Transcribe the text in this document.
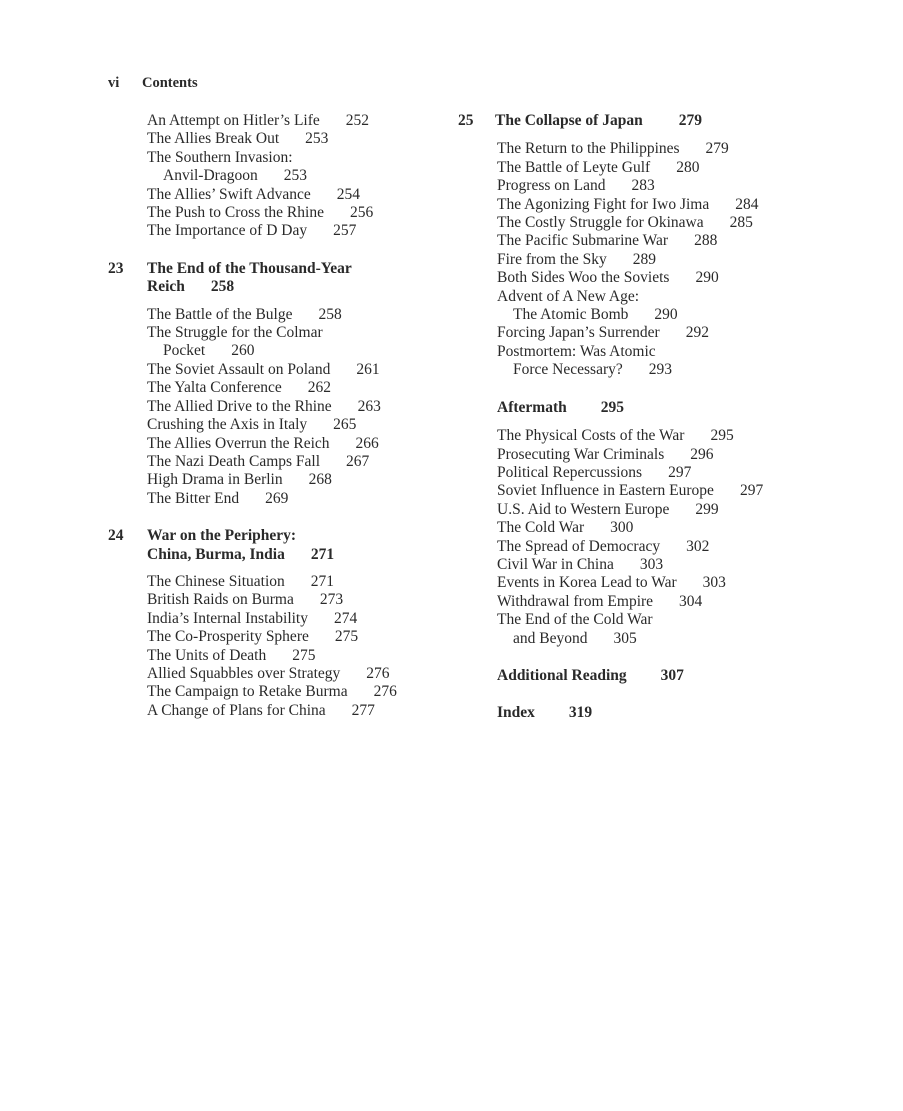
vi Contents
An Attempt on Hitler’s Life 252
The Allies Break Out 253
The Southern Invasion:
Anvil-Dragoon 253
The Allies’ Swift Advance 254
The Push to Cross the Rhine 256
The Importance of D Day 257
23 The End of the Thousand-Year
Reich 258
The Battle of the Bulge 258
The Struggle for the Colmar
Pocket 260
The Soviet Assault on Poland 261
The Yalta Conference 262
The Allied Drive to the Rhine 263
Crushing the Axis in Italy 265
The Allies Overrun the Reich 266
The Nazi Death Camps Fall 267
High Drama in Berlin 268
The Bitter End 269
24 War on the Periphery:
China, Burma, India 271
The Chinese Situation 271
British Raids on Burma 273
India’s Internal Instability 274
The Co-Prosperity Sphere 275
The Units of Death 275
Allied Squabbles over Strategy 276
The Campaign to Retake Burma 276
A Change of Plans for China 277
25 The Collapse of Japan 279
The Return to the Philippines 279
The Battle of Leyte Gulf 280
Progress on Land 283
The Agonizing Fight for Iwo Jima 284
The Costly Struggle for Okinawa 285
The Pacific Submarine War 288
Fire from the Sky 289
Both Sides Woo the Soviets 290
Advent of A New Age:
The Atomic Bomb 290
Forcing Japan’s Surrender 292
Postmortem: Was Atomic
Force Necessary? 293
Aftermath 295
The Physical Costs of the War 295
Prosecuting War Criminals 296
Political Repercussions 297
Soviet Influence in Eastern Europe 297
U.S. Aid to Western Europe 299
The Cold War 300
The Spread of Democracy 302
Civil War in China 303
Events in Korea Lead to War 303
Withdrawal from Empire 304
The End of the Cold War
and Beyond 305
Additional Reading 307
Index 319
